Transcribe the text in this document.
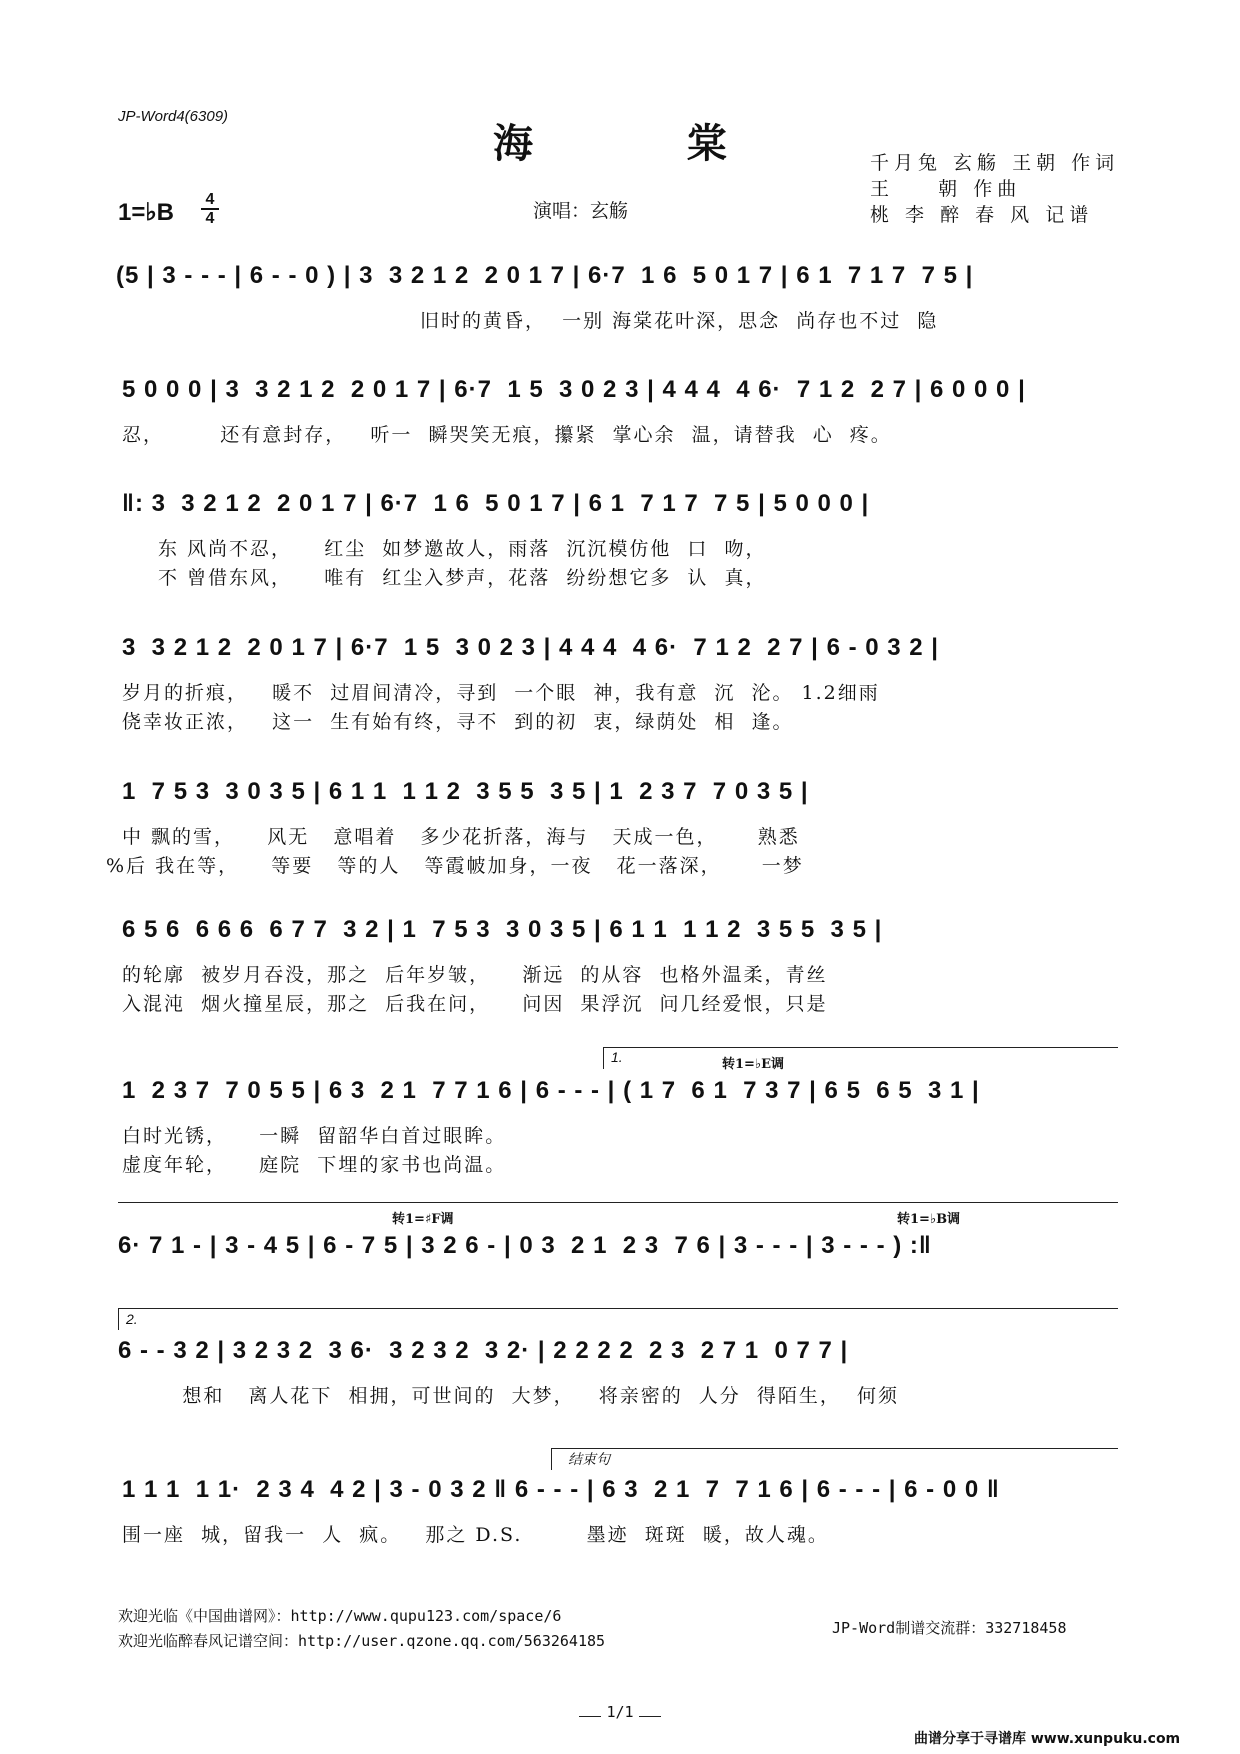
JP-Word4(6309)
海 棠	千月兔 玄觞 王朝 作词
王    朝 作曲
桃 李 醉 春 风 记谱
1=♭B 4
4	演唱：玄觞
(5 | 3 - - - | 6 - - 0 ) | 3  3 2 1 2  2 0 1 7 | 6·7  1 6  5 0 1 7 | 6 1  7 1 7  7 5 |
旧时的黄昏，  一别 海棠花叶深，思念  尚存也不过  隐
5 0 0 0 | 3  3 2 1 2  2 0 1 7 | 6·7  1 5  3 0 2 3 | 4 4 4  4 6·  7 1 2  2 7 | 6 0 0 0 |
忍，       还有意封存，   听一  瞬哭笑无痕，攥紧  掌心余  温，请替我  心  疼。
‖: 3  3 2 1 2  2 0 1 7 | 6·7  1 6  5 0 1 7 | 6 1  7 1 7  7 5 | 5 0 0 0 |
东 风尚不忍，    红尘  如梦邀故人，雨落  沉沉模仿他  口  吻，
不 曾借东风，    唯有  红尘入梦声，花落  纷纷想它多  认  真，
3  3 2 1 2  2 0 1 7 | 6·7  1 5  3 0 2 3 | 4 4 4  4 6·  7 1 2  2 7 | 6 - 0 3 2 |
岁月的折痕，   暖不  过眉间清冷，寻到  一个眼  神，我有意  沉  沦。 1.2细雨
侥幸妆正浓，   这一  生有始有终，寻不  到的初  衷，绿荫处  相  逢。
1  7 5 3  3 0 3 5 | 6 1 1  1 1 2  3 5 5  3 5 | 1  2 3 7  7 0 3 5 |
中 飘的雪，    风无   意唱着   多少花折落，海与   天成一色，     熟悉
%后 我在等，    等要   等的人   等霞帔加身，一夜   花一落深，     一梦
6 5 6  6 6 6  6 7 7  3 2 | 1  7 5 3  3 0 3 5 | 6 1 1  1 1 2  3 5 5  3 5 |
的轮廓  被岁月吞没，那之  后年岁皱，    渐远  的从容  也格外温柔，青丝
入混沌  烟火撞星辰，那之  后我在问，    问因  果浮沉  问几经爱恨，只是
1.	转1=♭E调
1  2 3 7  7 0 5 5 | 6 3  2 1  7 7 1 6 | 6 - - - | ( 1 7  6 1  7 3 7 | 6 5  6 5  3 1 |
白时光锈，    一瞬  留韶华白首过眼眸。
虚度年轮，    庭院  下埋的家书也尚温。
转1=♯F调	转1=♭B调
6· 7 1 - | 3 - 4 5 | 6 - 7 5 | 3 2 6 - | 0 3  2 1  2 3  7 6 | 3 - - - | 3 - - - ) :‖
2.
6 - - 3 2 | 3 2 3 2  3 6·  3 2 3 2  3 2· | 2 2 2 2  2 3  2 7 1  0 7 7 |
想和   离人花下  相拥，可世间的  大梦，   将亲密的  人分  得陌生，  何须
结束句
1 1 1  1 1·  2 3 4  4 2 | 3 - 0 3 2 ‖ 6 - - - | 6 3  2 1  7  7 1 6 | 6 - - - | 6 - 0 0 ‖
围一座  城，留我一  人  疯。   那之 D.S.        墨迹  斑斑  暖，故人魂。
欢迎光临《中国曲谱网》：http://www.qupu123.com/space/6
欢迎光临醉春风记谱空间：http://user.qzone.qq.com/563264185
JP-Word制谱交流群：332718458
1/1
曲谱分享于寻谱库 www.xunpuku.com
